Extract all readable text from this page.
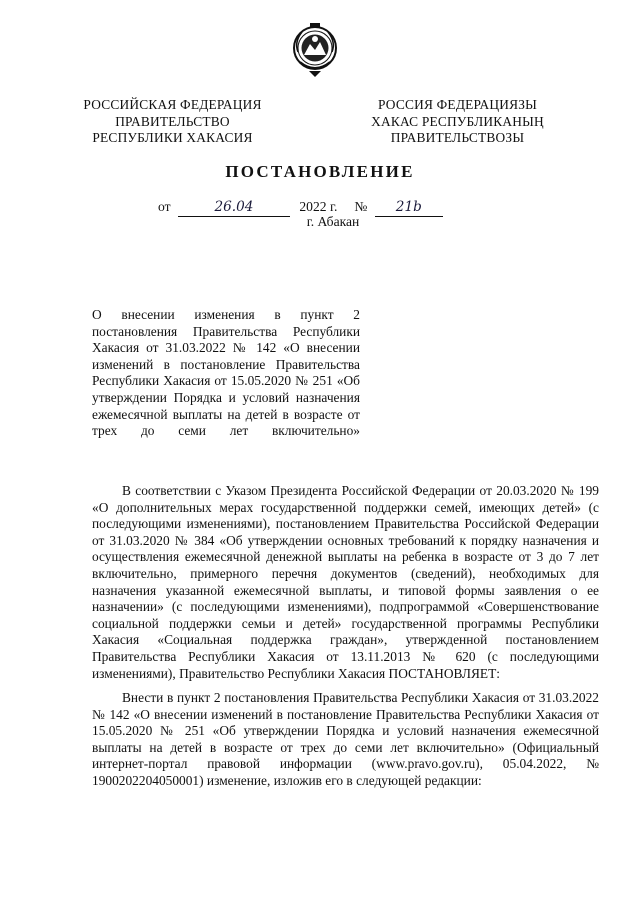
РОССИЙСКАЯ ФЕДЕРАЦИЯ
ПРАВИТЕЛЬСТВО
РЕСПУБЛИКИ ХАКАСИЯ
РОССИЯ ФЕДЕРАЦИЯЗЫ
ХАКАС РЕСПУБЛИКАНЫҢ
ПРАВИТЕЛЬСТВОЗЫ
ПОСТАНОВЛЕНИЕ
от	26.04	2022 г. № 21b
г. Абакан
О внесении изменения в пункт 2 постановления Правительства Республики Хакасия от 31.03.2022 № 142 «О внесении изменений в постановление Правительства Республики Хакасия от 15.05.2020 № 251 «Об утверждении Порядка и условий назначения ежемесячной выплаты на детей в возрасте от трех до семи лет включительно»
В соответствии с Указом Президента Российской Федерации от 20.03.2020 № 199 «О дополнительных мерах государственной поддержки семей, имеющих детей» (с последующими изменениями), постановлением Правительства Российской Федерации от 31.03.2020 № 384 «Об утверждении основных требований к порядку назначения и осуществления ежемесячной денежной выплаты на ребенка в возрасте от 3 до 7 лет включительно, примерного перечня документов (сведений), необходимых для назначения указанной ежемесячной выплаты, и типовой формы заявления о ее назначении» (с последующими изменениями), подпрограммой «Совершенствование социальной поддержки семьи и детей» государственной программы Республики Хакасия «Социальная поддержка граждан», утвержденной постановлением Правительства Республики Хакасия от 13.11.2013 № 620 (с последующими изменениями), Правительство Республики Хакасия ПОСТАНОВЛЯЕТ:
Внести в пункт 2 постановления Правительства Республики Хакасия от 31.03.2022 № 142 «О внесении изменений в постановление Правительства Республики Хакасия от 15.05.2020 № 251 «Об утверждении Порядка и условий назначения ежемесячной выплаты на детей в возрасте от трех до семи лет включительно» (Официальный интернет-портал правовой информации (www.pravo.gov.ru), 05.04.2022, № 1900202204050001) изменение, изложив его в следующей редакции:
